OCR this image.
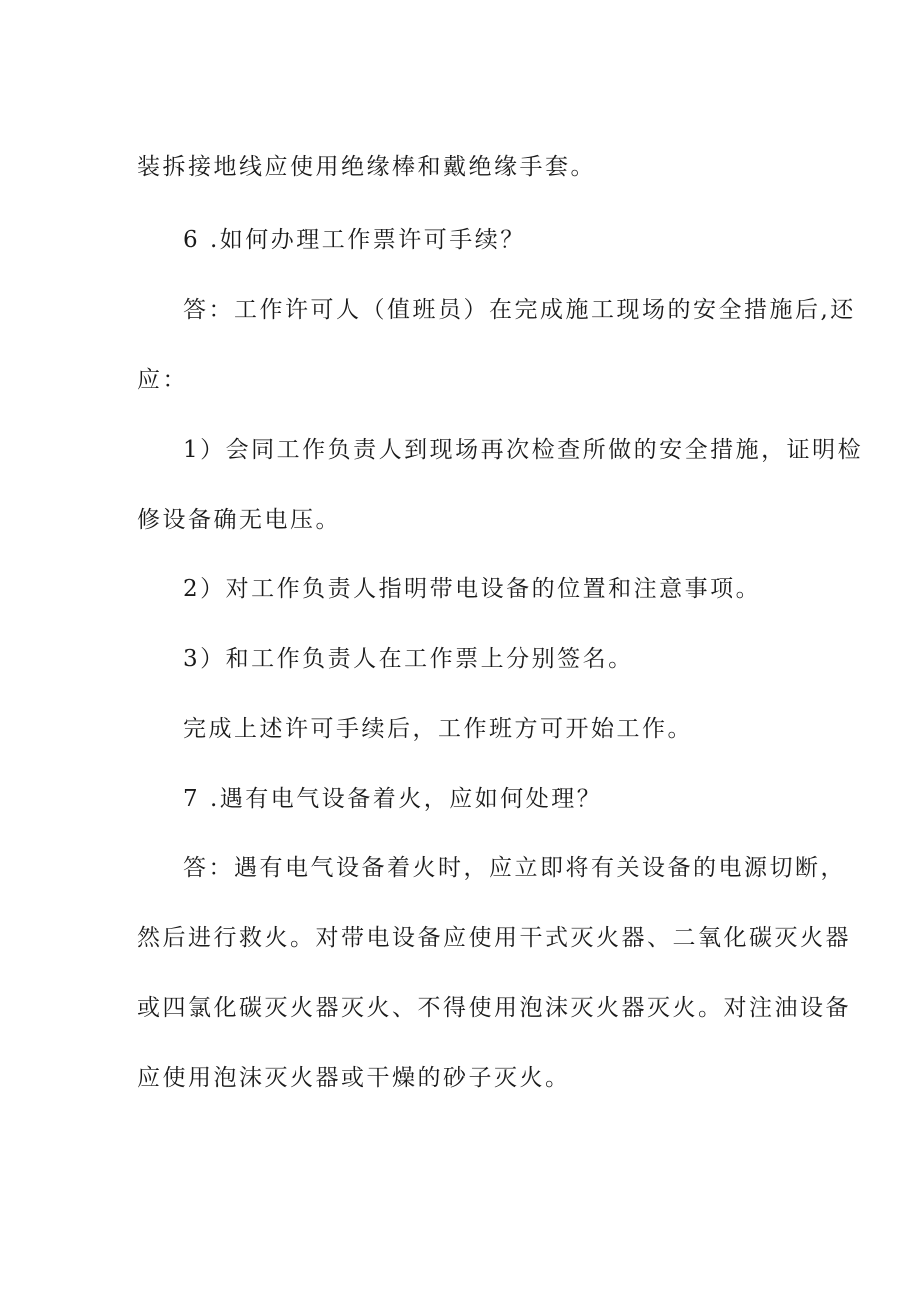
装拆接地线应使用绝缘棒和戴绝缘手套。
6 .如何办理工作票许可手续？
答：工作许可人（值班员）在完成施工现场的安全措施后,还
应：
1）会同工作负责人到现场再次检查所做的安全措施，证明检
修设备确无电压。
2）对工作负责人指明带电设备的位置和注意事项。
3）和工作负责人在工作票上分别签名。
完成上述许可手续后，工作班方可开始工作。
7 .遇有电气设备着火，应如何处理？
答：遇有电气设备着火时，应立即将有关设备的电源切断，
然后进行救火。对带电设备应使用干式灭火器、二氧化碳灭火器
或四氯化碳灭火器灭火、不得使用泡沫灭火器灭火。对注油设备
应使用泡沫灭火器或干燥的砂子灭火。
